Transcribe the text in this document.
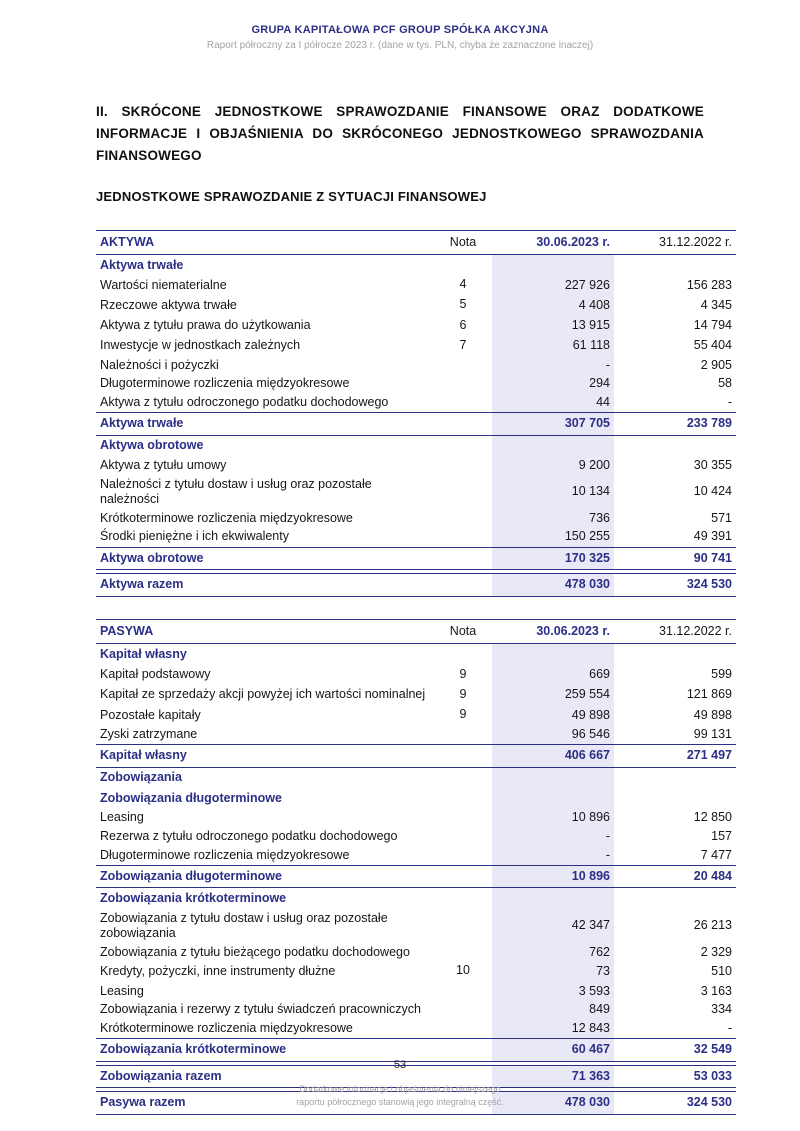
GRUPA KAPITAŁOWA PCF GROUP SPÓŁKA AKCYJNA
Raport półroczny za I półrocze 2023 r. (dane w tys. PLN, chyba że zaznaczone inaczej)
II. SKRÓCONE JEDNOSTKOWE SPRAWOZDANIE FINANSOWE ORAZ DODATKOWE INFORMACJE I OBJAŚNIENIA DO SKRÓCONEGO JEDNOSTKOWEGO SPRAWOZDANIA FINANSOWEGO
JEDNOSTKOWE SPRAWOZDANIE Z SYTUACJI FINANSOWEJ
AKTYWA	Nota	30.06.2023 r.	31.12.2022 r.
Aktywa trwałe			
Wartości niematerialne	4	227 926	156 283
Rzeczowe aktywa trwałe	5	4 408	4 345
Aktywa z tytułu prawa do użytkowania	6	13 915	14 794
Inwestycje w jednostkach zależnych	7	61 118	55 404
Należności i pożyczki		-	2 905
Długoterminowe rozliczenia międzyokresowe		294	58
Aktywa z tytułu odroczonego podatku dochodowego		44	-
Aktywa trwałe		307 705	233 789
Aktywa obrotowe			
Aktywa z tytułu umowy		9 200	30 355
Należności z tytułu dostaw i usług oraz pozostałe należności		10 134	10 424
Krótkoterminowe rozliczenia międzyokresowe		736	571
Środki pieniężne i ich ekwiwalenty		150 255	49 391
Aktywa obrotowe		170 325	90 741

Aktywa razem		478 030	324 530
PASYWA	Nota	30.06.2023 r.	31.12.2022 r.
Kapitał własny			
Kapitał podstawowy	9	669	599
Kapitał ze sprzedaży akcji powyżej ich wartości nominalnej	9	259 554	121 869
Pozostałe kapitały	9	49 898	49 898
Zyski zatrzymane		96 546	99 131
Kapitał własny		406 667	271 497
Zobowiązania			
Zobowiązania długoterminowe			
Leasing		10 896	12 850
Rezerwa z tytułu odroczonego podatku dochodowego		-	157
Długoterminowe rozliczenia międzyokresowe		-	7 477
Zobowiązania długoterminowe		10 896	20 484
Zobowiązania krótkoterminowe			
Zobowiązania z tytułu dostaw i usług oraz pozostałe zobowiązania		42 347	26 213
Zobowiązania z tytułu bieżącego podatku dochodowego		762	2 329
Kredyty, pożyczki, inne instrumenty dłużne	10	73	510
Leasing		3 593	3 163
Zobowiązania i rezerwy z tytułu świadczeń pracowniczych		849	334
Krótkoterminowe rozliczenia międzyokresowe		12 843	-
Zobowiązania krótkoterminowe		60 467	32 549

Zobowiązania razem		71 363	53 033

Pasywa razem		478 030	324 530
53
Dodatkowe informacje i objaśnienia do niniejszego
raportu półrocznego stanowią jego integralną część.
